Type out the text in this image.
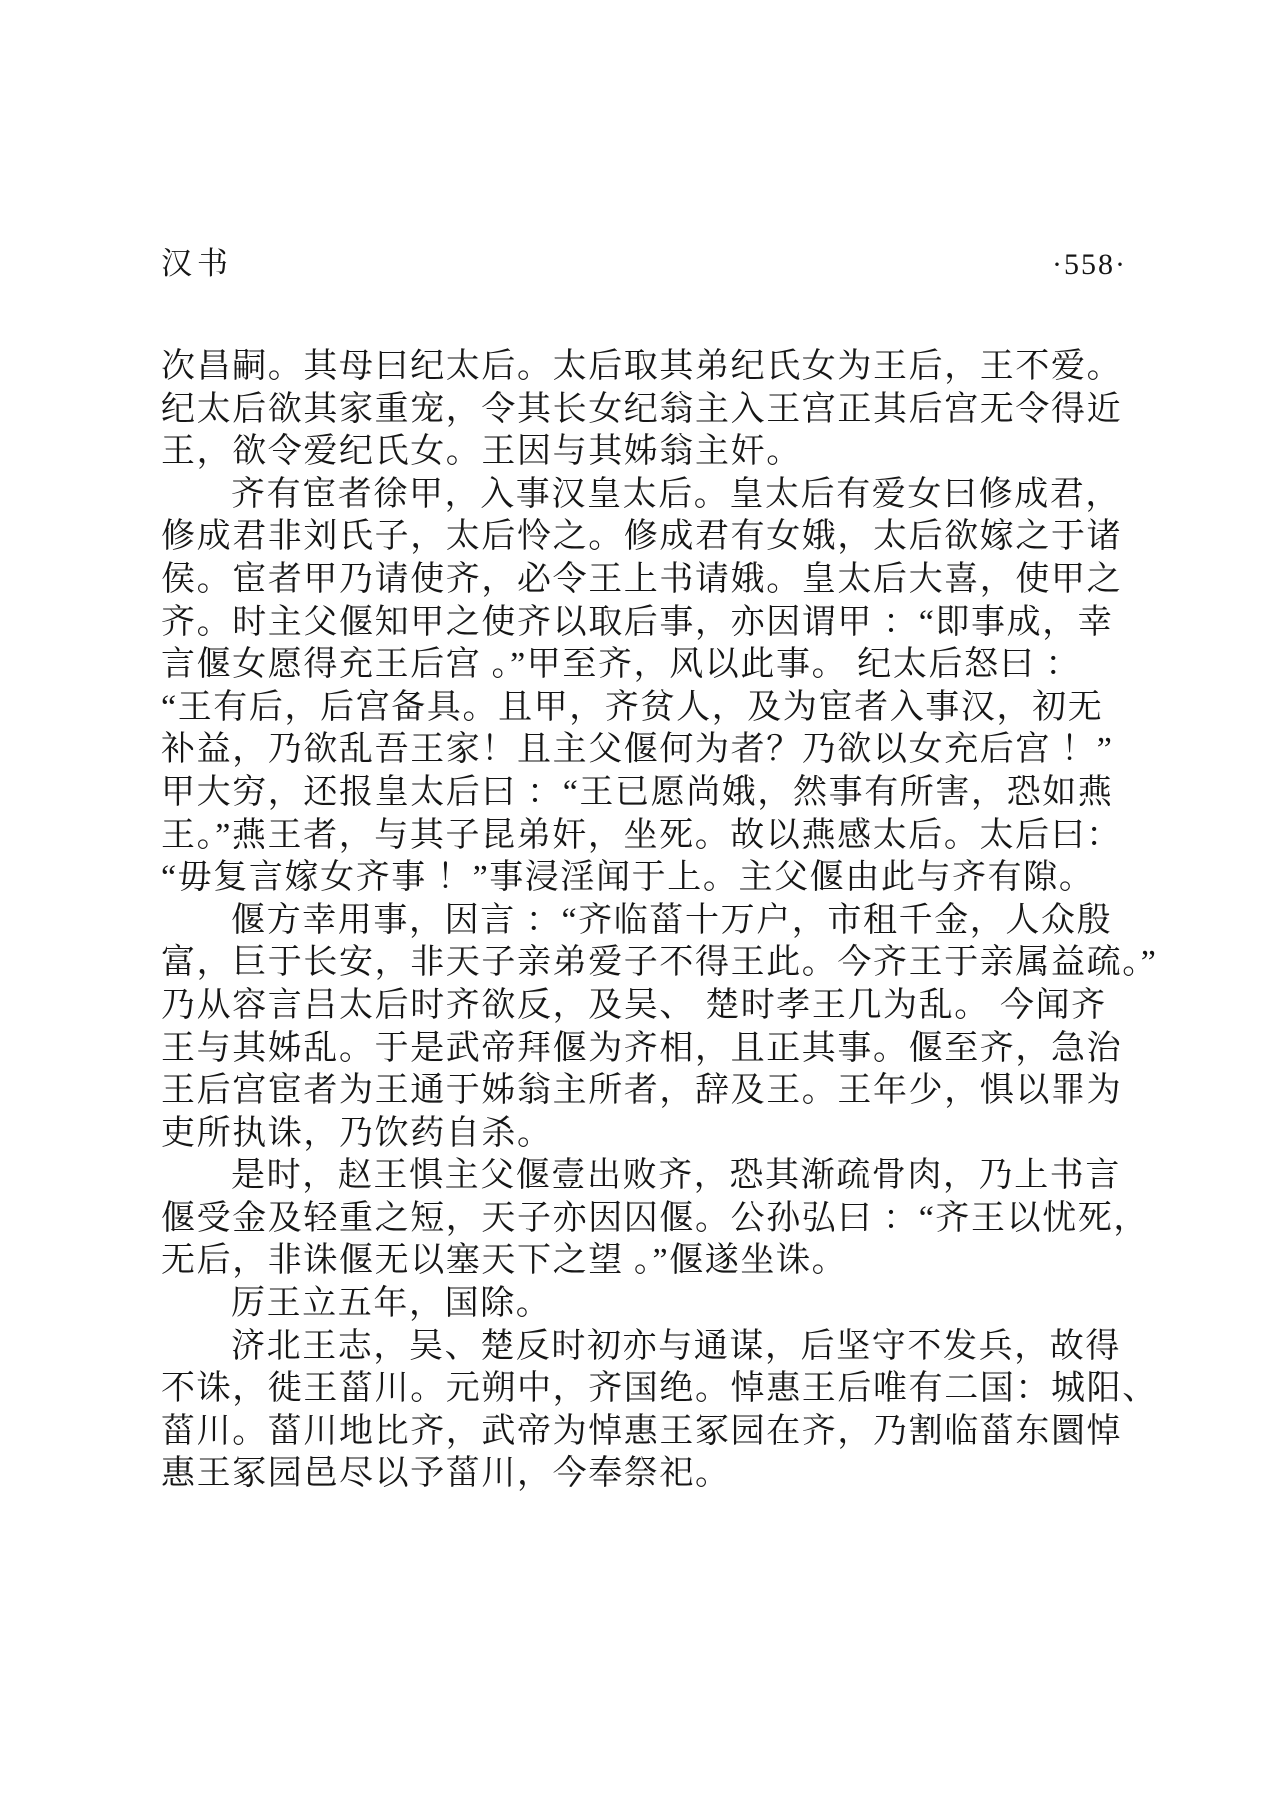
汉书	·558·

次昌嗣。其母曰纪太后。太后取其弟纪氏女为王后，王不爱。

纪太后欲其家重宠，令其长女纪翁主入王宫正其后宫无令得近

王，欲令爱纪氏女。王因与其姊翁主奸。

齐有宦者徐甲，入事汉皇太后。皇太后有爱女曰修成君，

修成君非刘氏子，太后怜之。修成君有女娥，太后欲嫁之于诸

侯。宦者甲乃请使齐，必令王上书请娥。皇太后大喜，使甲之

齐。时主父偃知甲之使齐以取后事，亦因谓甲 ：“即事成，幸

言偃女愿得充王后宫 。”甲至齐，风以此事。 纪太后怒曰 ：

“王有后，后宫备具。且甲，齐贫人，及为宦者入事汉，初无

补益，乃欲乱吾王家！且主父偃何为者？乃欲以女充后宫 ！”

甲大穷，还报皇太后曰 ：“王已愿尚娥，然事有所害，恐如燕

王。”燕王者，与其子昆弟奸，坐死。故以燕感太后。太后曰：

“毋复言嫁女齐事 ！”事浸淫闻于上。主父偃由此与齐有隙。

偃方幸用事，因言 ：“齐临菑十万户，市租千金，人众殷

富，巨于长安，非天子亲弟爱子不得王此。今齐王于亲属益疏。”

乃从容言吕太后时齐欲反，及吴、 楚时孝王几为乱。 今闻齐

王与其姊乱。于是武帝拜偃为齐相，且正其事。偃至齐，急治

王后宫宦者为王通于姊翁主所者，辞及王。王年少，惧以罪为

吏所执诛，乃饮药自杀。

是时，赵王惧主父偃壹出败齐，恐其渐疏骨肉，乃上书言

偃受金及轻重之短，天子亦因囚偃。公孙弘曰 ：“齐王以忧死，

无后，非诛偃无以塞天下之望 。”偃遂坐诛。

厉王立五年，国除。

济北王志，吴、楚反时初亦与通谋，后坚守不发兵，故得

不诛，徙王菑川。元朔中，齐国绝。悼惠王后唯有二国：城阳、

菑川。菑川地比齐，武帝为悼惠王冢园在齐，乃割临菑东圜悼

惠王冢园邑尽以予菑川，今奉祭祀。
